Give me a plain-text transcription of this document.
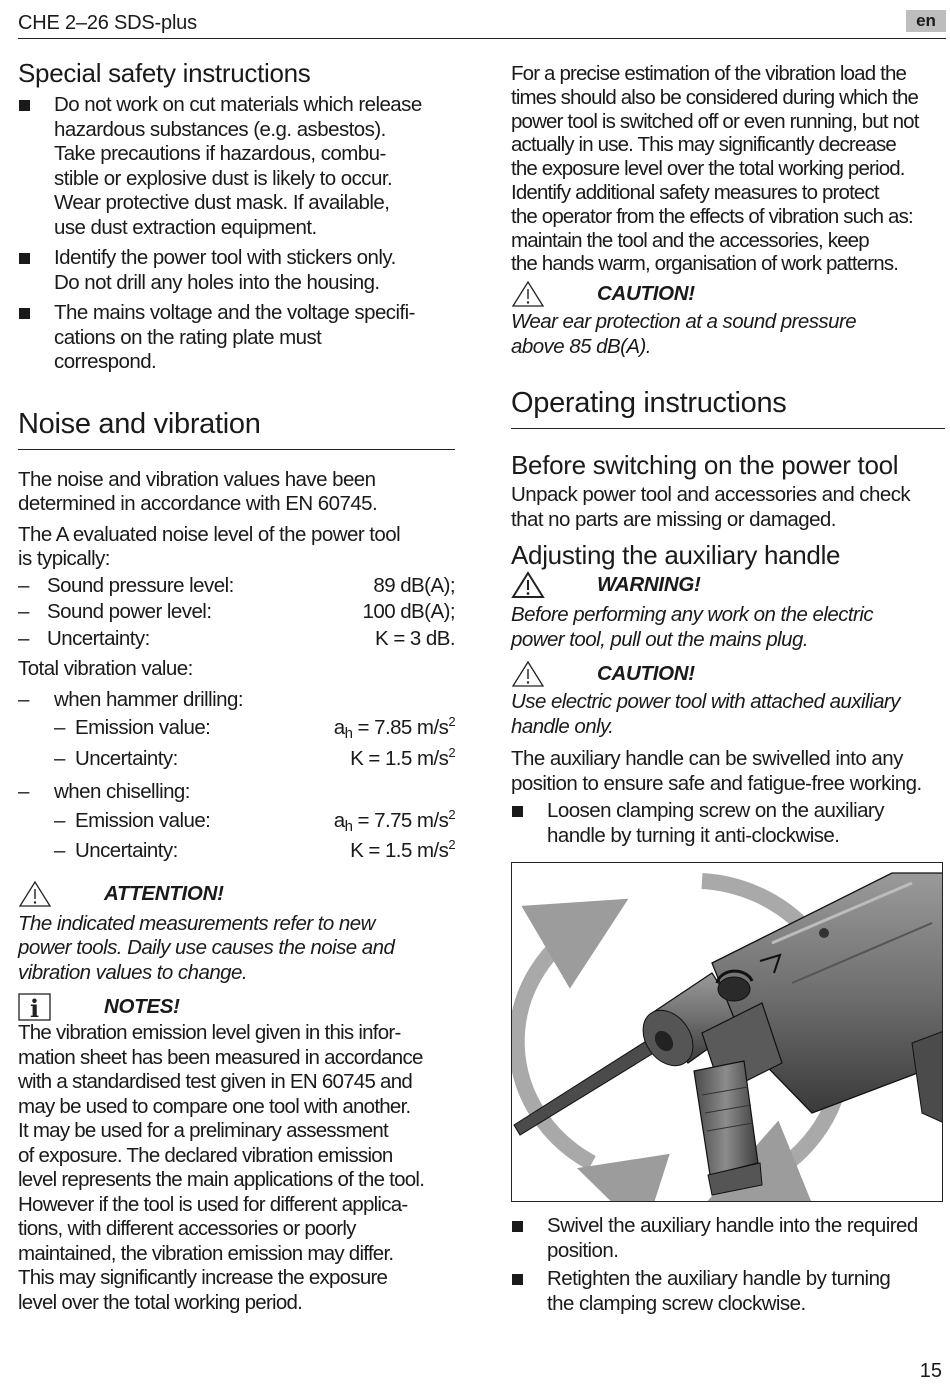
CHE 2–26 SDS-plus	en
Special safety instructions
Do not work on cut materials which release
hazardous substances (e.g. asbestos).
Take precautions if hazardous, combu-
stible or explosive dust is likely to occur.
Wear protective dust mask. If available,
use dust extraction equipment.
Identify the power tool with stickers only.
Do not drill any holes into the housing.
The mains voltage and the voltage specifi-
cations on the rating plate must
correspond.
Noise and vibration

The noise and vibration values have been
determined in accordance with EN 60745.

The A evaluated noise level of the power tool
is typically:

– Sound pressure level:	89 dB(A);
– Sound power level:	100 dB(A);
– Uncertainty:	K = 3 dB.

Total vibration value:

– when hammer drilling:
– Emission value:	$a_h = 7.85$ $m/s^2$
– Uncertainty:	K = 1.5 $m/s^2$
– when chiselling:
– Emission value:	$a_h = 7.75$ $m/s^2$
– Uncertainty:	K = 1.5 $m/s^2$
ATTENTION!

The indicated measurements refer to new
power tools. Daily use causes the noise and
vibration values to change.

i	NOTES!

The vibration emission level given in this infor-
mation sheet has been measured in accordance
with a standardised test given in EN 60745 and
may be used to compare one tool with another.
It may be used for a preliminary assessment
of exposure. The declared vibration emission
level represents the main applications of the tool.
However if the tool is used for different applica-
tions, with different accessories or poorly
maintained, the vibration emission may differ.
This may significantly increase the exposure
level over the total working period.

For a precise estimation of the vibration load the
times should also be considered during which the
power tool is switched off or even running, but not
actually in use. This may significantly decrease
the exposure level over the total working period.
Identify additional safety measures to protect
the operator from the effects of vibration such as:
maintain the tool and the accessories, keep
the hands warm, organisation of work patterns.

CAUTION!

Wear ear protection at a sound pressure
above 85 dB(A).

Operating instructions
Before switching on the power tool

Unpack power tool and accessories and check
that no parts are missing or damaged.

Adjusting the auxiliary handle
WARNING!

Before performing any work on the electric
power tool, pull out the mains plug.

CAUTION!

Use electric power tool with attached auxiliary
handle only.

The auxiliary handle can be swivelled into any
position to ensure safe and fatigue-free working.

Loosen clamping screw on the auxiliary
handle by turning it anti-clockwise.
Swivel the auxiliary handle into the required
position.
Retighten the auxiliary handle by turning
the clamping screw clockwise.
15
